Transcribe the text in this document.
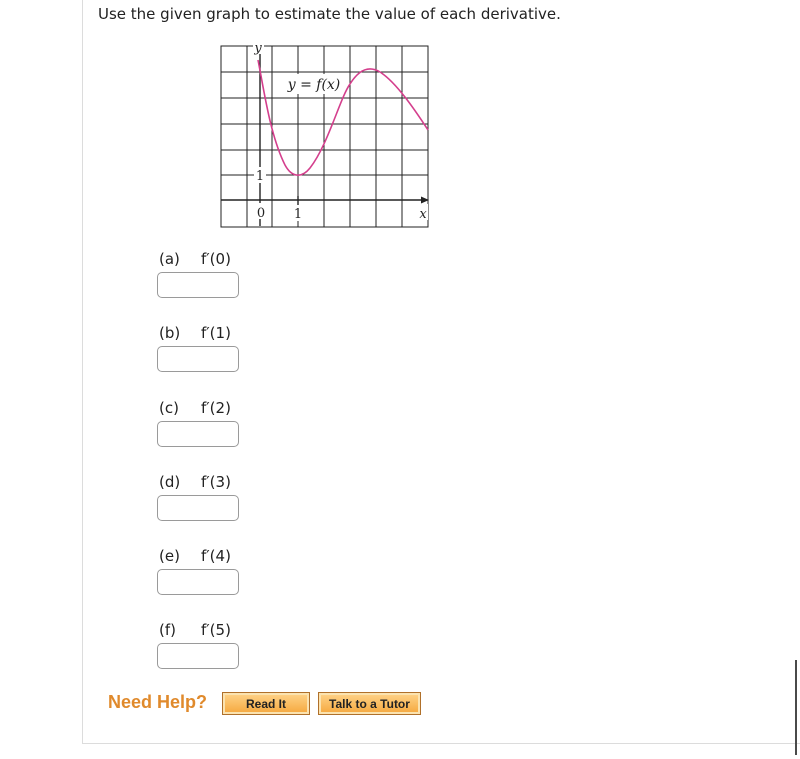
Use the given graph to estimate the value of each derivative.
y
y = f(x)
1
0 1	x
(a) f′(0)
(b) f′(1)
(c) f′(2)
(d) f′(3)
(e) f′(4)
(f) f′(5)
Need Help?	Read It	Talk to a Tutor
